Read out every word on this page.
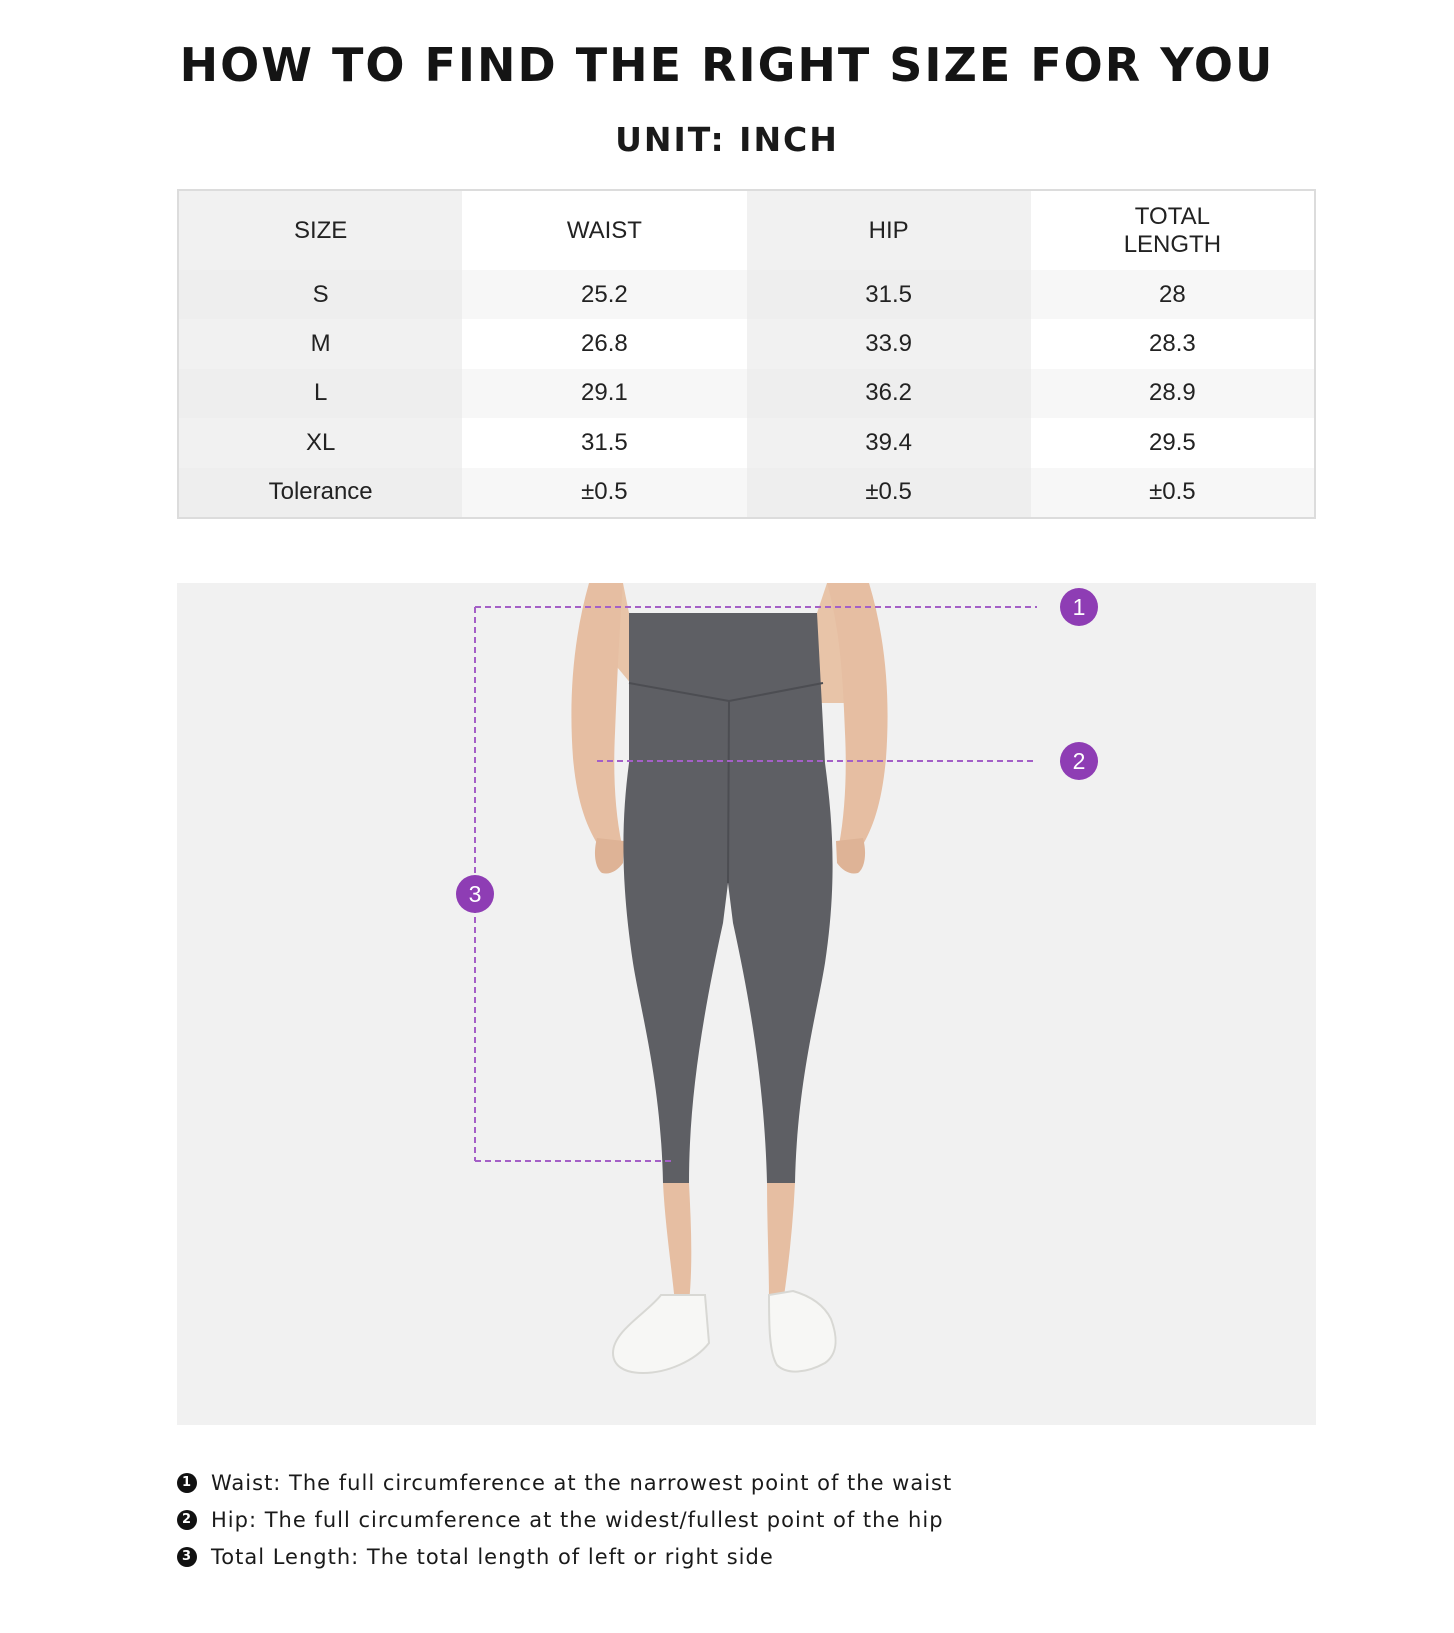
HOW TO FIND THE RIGHT SIZE FOR YOU
UNIT: INCH
SIZE	WAIST	HIP	TOTAL
LENGTH
S	25.2	31.5	28
M	26.8	33.9	28.3
L	29.1	36.2	28.9
XL	31.5	39.4	29.5
Tolerance	±0.5	±0.5	±0.5
1
2
3
1 Waist: The full circumference at the narrowest point of the waist
2 Hip: The full circumference at the widest/fullest point of the hip
3 Total Length: The total length of left or right side
